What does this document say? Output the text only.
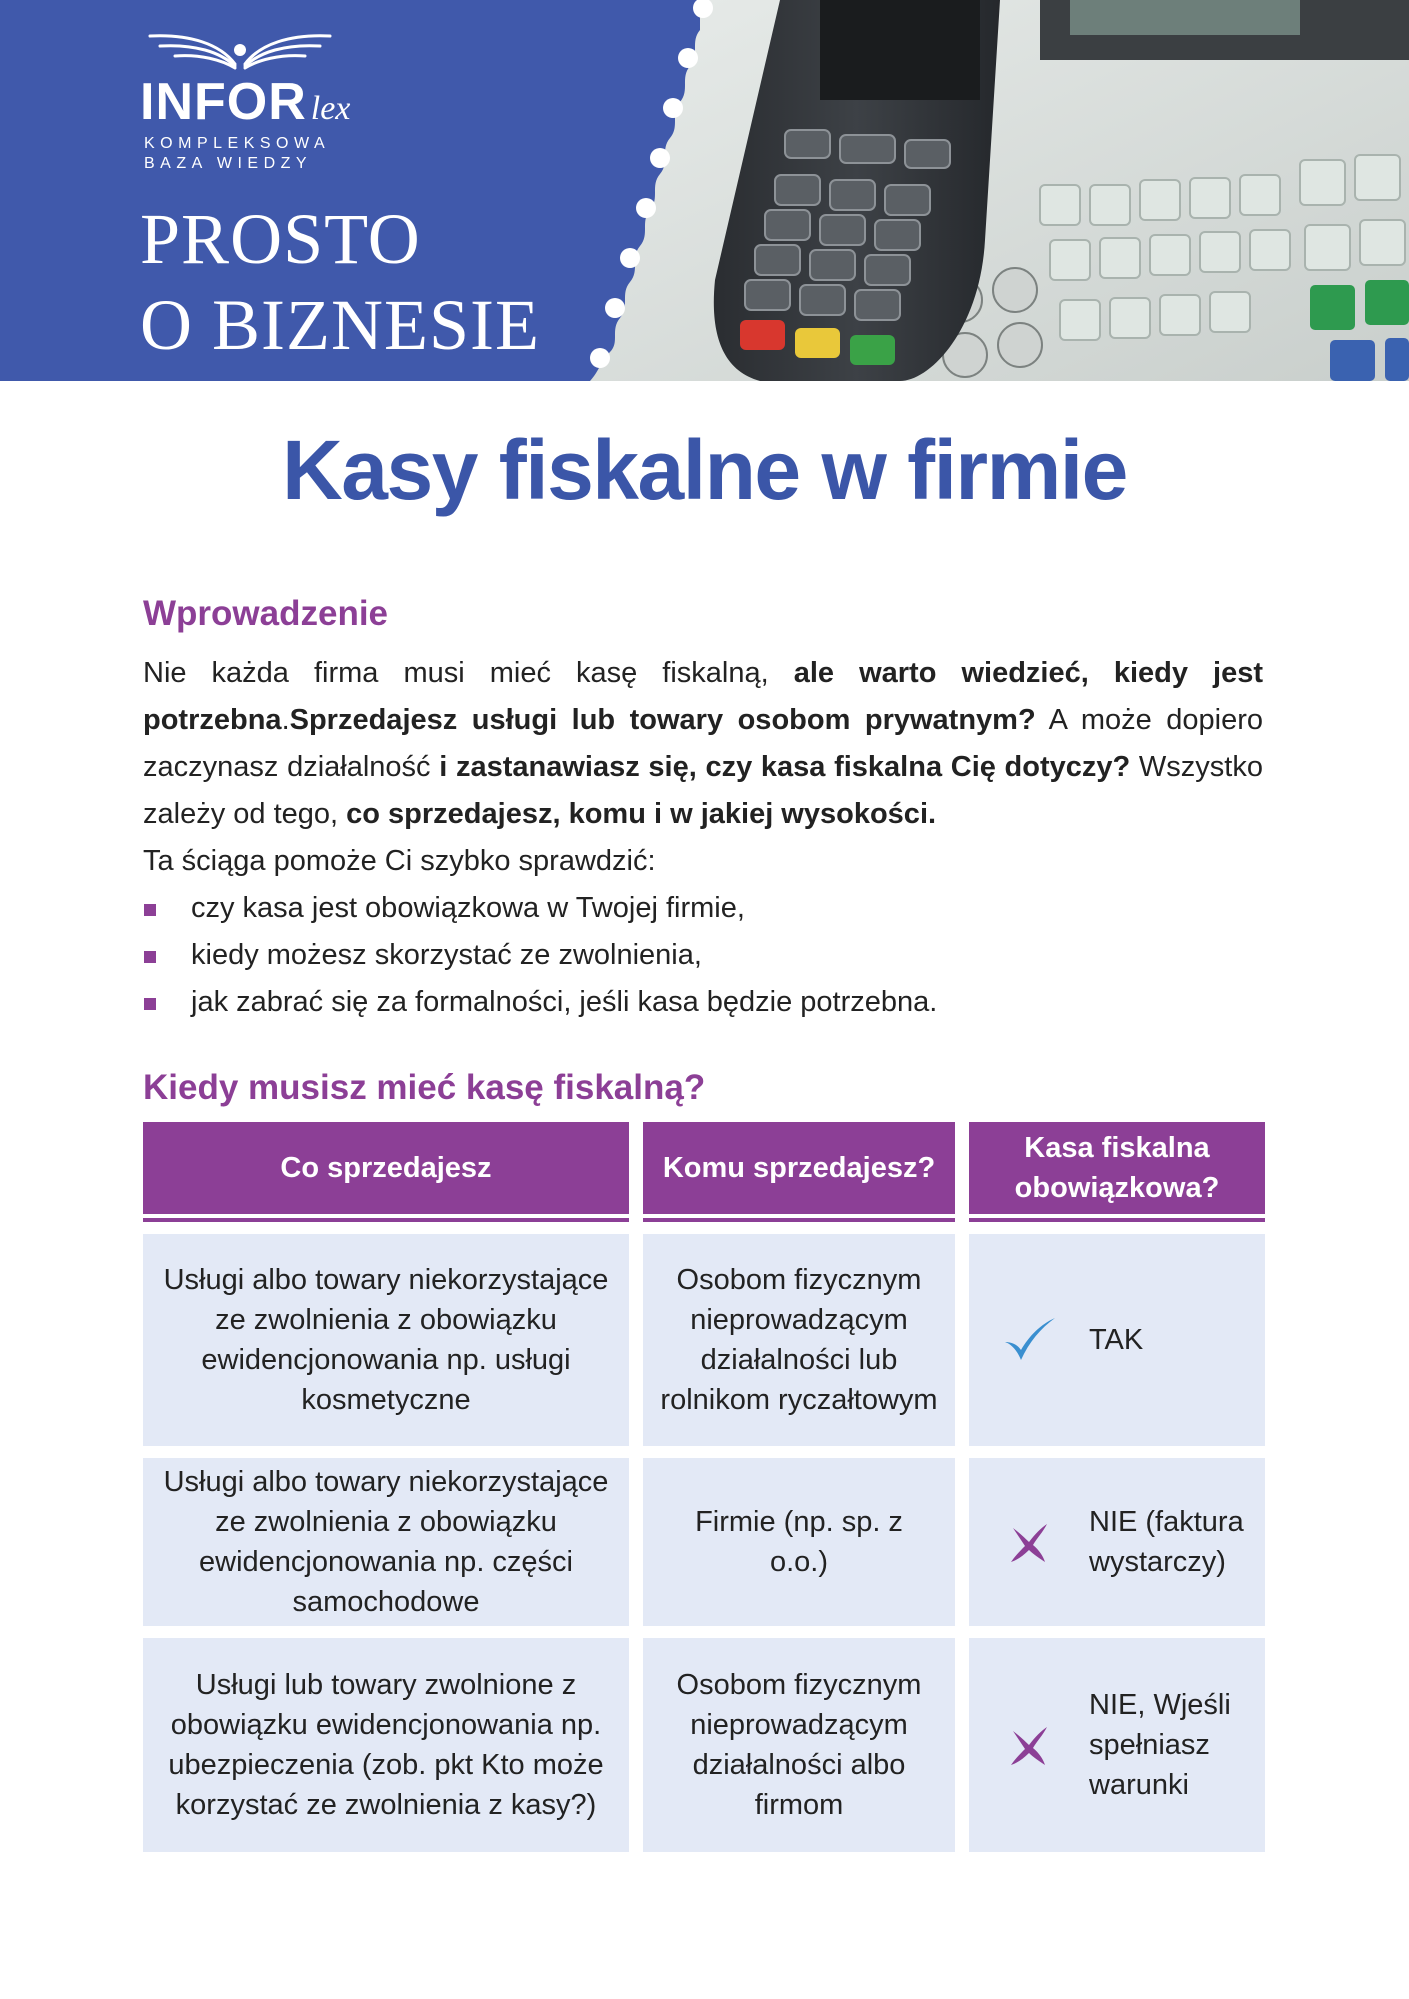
INFOR lex
KOMPLEKSOWA
BAZA WIEDZY
PROSTO
O BIZNESIE
Kasy fiskalne w firmie
Wprowadzenie
Nie każda firma musi mieć kasę fiskalną, ale warto wiedzieć, kiedy jest potrzebna.Sprzedajesz usługi lub towary osobom prywatnym? A może dopiero zaczynasz działalność i zastanawiasz się, czy kasa fiskalna Cię dotyczy? Wszystko zależy od tego, co sprzedajesz, komu i w jakiej wysokości.
Ta ściąga pomoże Ci szybko sprawdzić:
czy kasa jest obowiązkowa w Twojej firmie,
kiedy możesz skorzystać ze zwolnienia,
jak zabrać się za formalności, jeśli kasa będzie potrzebna.
Kiedy musisz mieć kasę fiskalną?
Co sprzedajesz	Komu sprzedajesz?
Kasa fiskalna obowiązkowa?
Usługi albo towary niekorzystające ze zwolnienia z obowiązku ewidencjonowania np. usługi kosmetyczne
Osobom fizycznym nieprowadzącym działalności lub rolnikom ryczałtowym
TAK
Usługi albo towary niekorzystające ze zwolnienia z obowiązku ewidencjonowania np. części samochodowe
Firmie (np. sp. z o.o.)
NIE (faktura wystarczy)
Usługi lub towary zwolnione z obowiązku ewidencjonowania np. ubezpieczenia (zob. pkt Kto może korzystać ze zwolnienia z kasy?)
Osobom fizycznym nieprowadzącym działalności albo firmom
NIE, Wjeśli spełniasz warunki
